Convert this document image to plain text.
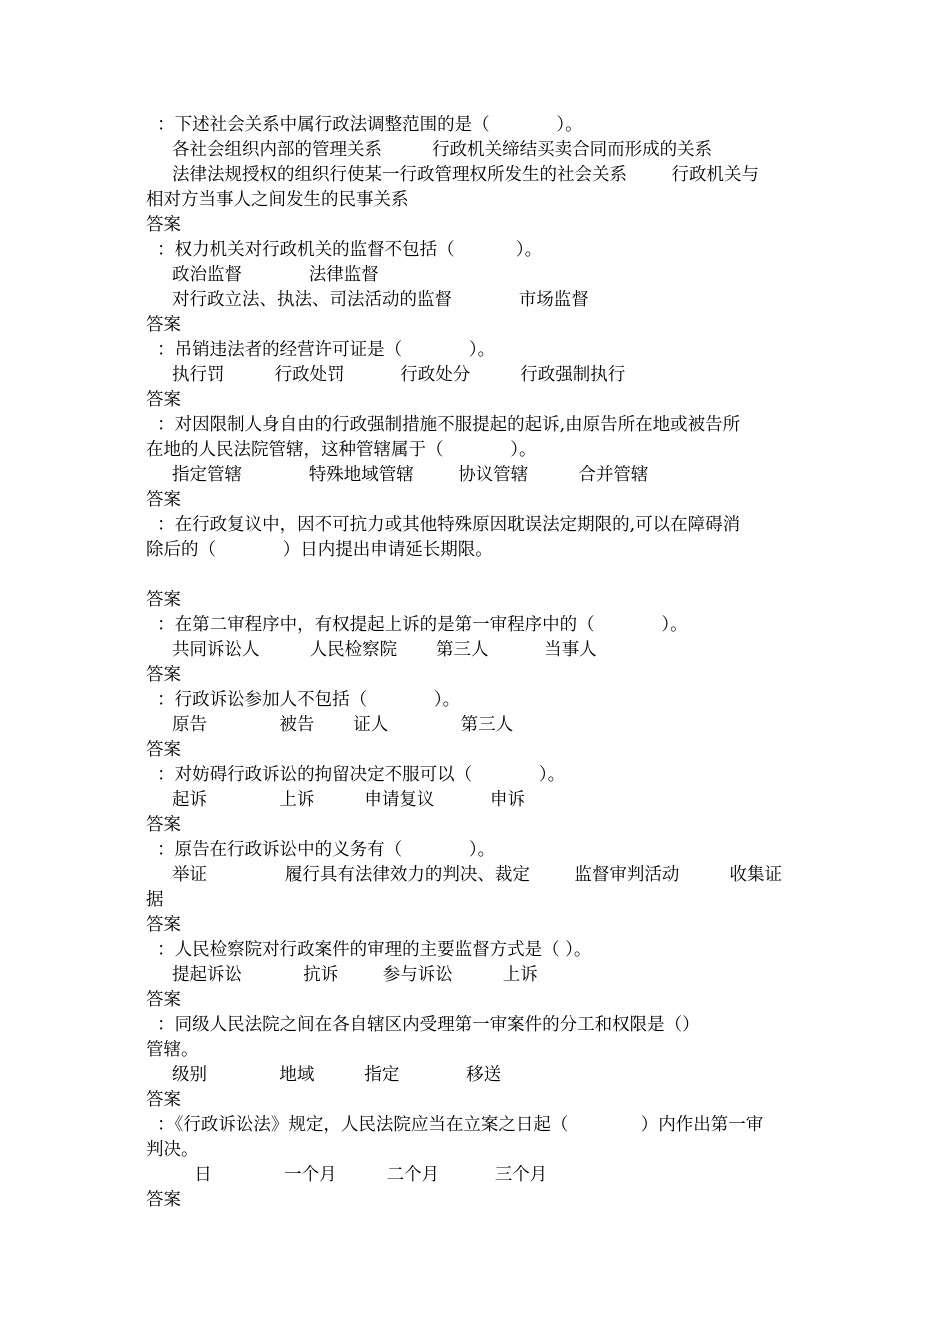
：下述社会关系中属行政法调整范围的是（            ）。
各社会组织内部的管理关系         行政机关缔结买卖合同而形成的关系
法律法规授权的组织行使某一行政管理权所发生的社会关系        行政机关与
相对方当事人之间发生的民事关系
答案
：权力机关对行政机关的监督不包括（           ）。
政治监督            法律监督
对行政立法、执法、司法活动的监督            市场监督
答案
：吊销违法者的经营许可证是（            ）。
执行罚         行政处罚          行政处分         行政强制执行
答案
：对因限制人身自由的行政强制措施不服提起的起诉,由原告所在地或被告所
在地的人民法院管辖，这种管辖属于（            ）。
指定管辖            特殊地域管辖        协议管辖         合并管辖
答案
：在行政复议中，因不可抗力或其他特殊原因耽误法定期限的,可以在障碍消
除后的（            ）日内提出申请延长期限。
答案
：在第二审程序中，有权提起上诉的是第一审程序中的（            ）。
共同诉讼人         人民检察院       第三人          当事人
答案
：行政诉讼参加人不包括（            ）。
原告             被告       证人             第三人
答案
：对妨碍行政诉讼的拘留决定不服可以（            ）。
起诉             上诉         申请复议          申诉
答案
：原告在行政诉讼中的义务有（            ）。
举证              履行具有法律效力的判决、裁定        监督审判活动         收集证
据
答案
：人民检察院对行政案件的审理的主要监督方式是（ ）。
提起诉讼           抗诉        参与诉讼         上诉
答案
：同级人民法院之间在各自辖区内受理第一审案件的分工和权限是（）
管辖。
级别             地域         指定            移送
答案
：《行政诉讼法》规定，人民法院应当在立案之日起（             ）内作出第一审
判决。
日             一个月         二个月          三个月
答案
